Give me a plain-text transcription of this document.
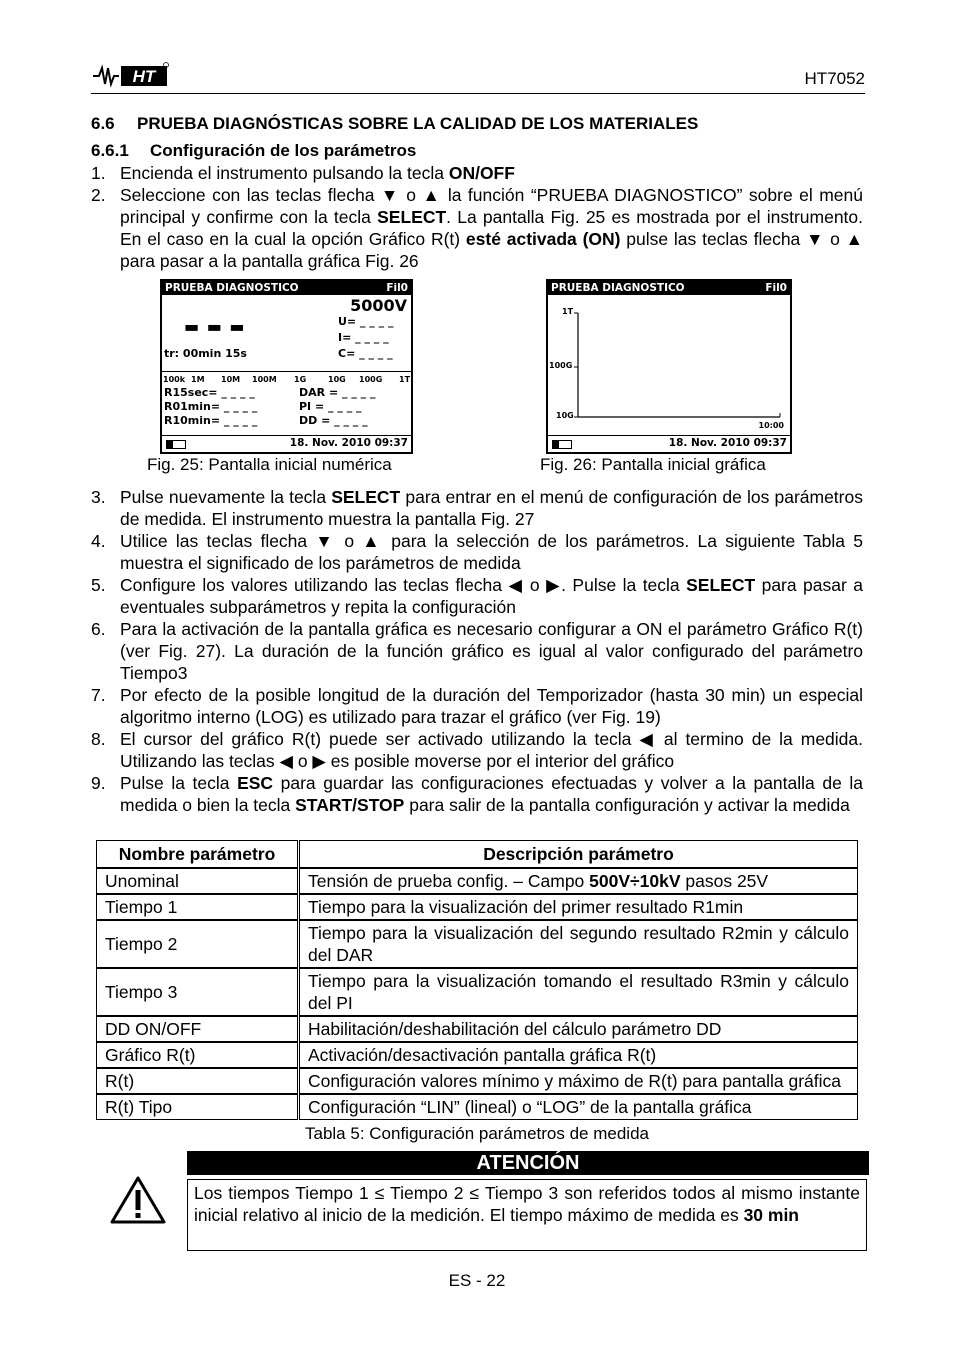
HT	HT7052
6.6 PRUEBA DIAGNÓSTICAS SOBRE LA CALIDAD DE LOS MATERIALES
6.6.1 Configuración de los parámetros
1. Encienda el instrumento pulsando la tecla ON/OFF
2. Seleccione con las teclas flecha ▼ o ▲ la función “PRUEBA DIAGNOSTICO” sobre el menú principal y confirme con la tecla SELECT. La pantalla Fig. 25 es mostrada por el instrumento. En el caso en la cual la opción Gráfico R(t) esté activada (ON) pulse las teclas flecha ▼ o ▲ para pasar a la pantalla gráfica Fig. 26
PRUEBA DIAGNOSTICO	Fil0
5000V
▬ ▬ ▬	U= _ _ _ _
I= _ _ _ _
C= _ _ _ _
tr: 00min 15s
100k 1M 10M 100M 1G	10G 100G 1T
R15sec= _ _ _ _
R01min= _ _ _ _
R10min= _ _ _ _
DAR = _ _ _ _
PI = _ _ _ _
DD = _ _ _ _
18. Nov. 2010 09:37
Fig. 25: Pantalla inicial numérica
PRUEBA DIAGNOSTICO	Fil0
1T
100G
10G
10:00
18. Nov. 2010 09:37
Fig. 26: Pantalla inicial gráfica
3. Pulse nuevamente la tecla SELECT para entrar en el menú de configuración de los parámetros de medida. El instrumento muestra la pantalla Fig. 27
4. Utilice las teclas flecha ▼ o ▲ para la selección de los parámetros. La siguiente Tabla 5 muestra el significado de los parámetros de medida
5. Configure los valores utilizando las teclas flecha ◀ o ▶. Pulse la tecla SELECT para pasar a eventuales subparámetros y repita la configuración
6. Para la activación de la pantalla gráfica es necesario configurar a ON el parámetro Gráfico R(t) (ver Fig. 27). La duración de la función gráfico es igual al valor configurado del parámetro Tiempo3
7. Por efecto de la posible longitud de la duración del Temporizador (hasta 30 min) un especial algoritmo interno (LOG) es utilizado para trazar el gráfico (ver Fig. 19)
8. El cursor del gráfico R(t) puede ser activado utilizando la tecla ◀ al termino de la medida. Utilizando las teclas ◀ o ▶ es posible moverse por el interior del gráfico
9. Pulse la tecla ESC para guardar las configuraciones efectuadas y volver a la pantalla de la medida o bien la tecla START/STOP para salir de la pantalla configuración y activar la medida
Nombre parámetro		Descripción parámetro
Unominal		Tensión de prueba config. – Campo 500V÷10kV pasos 25V
Tiempo 1		Tiempo para la visualización del primer resultado R1min
Tiempo 2		Tiempo para la visualización del segundo resultado R2min y cálculo del DAR
Tiempo 3		Tiempo para la visualización tomando el resultado R3min y cálculo del PI
DD ON/OFF		Habilitación/deshabilitación del cálculo parámetro DD
Gráfico R(t)		Activación/desactivación pantalla gráfica R(t)
R(t)		Configuración valores mínimo y máximo de R(t) para pantalla gráfica
R(t) Tipo		Configuración “LIN” (lineal) o “LOG” de la pantalla gráfica
Tabla 5: Configuración parámetros de medida
ATENCIÓN
Los tiempos Tiempo 1 ≤ Tiempo 2 ≤ Tiempo 3 son referidos todos al mismo instante inicial relativo al inicio de la medición. El tiempo máximo de medida es 30 min
ES - 22
